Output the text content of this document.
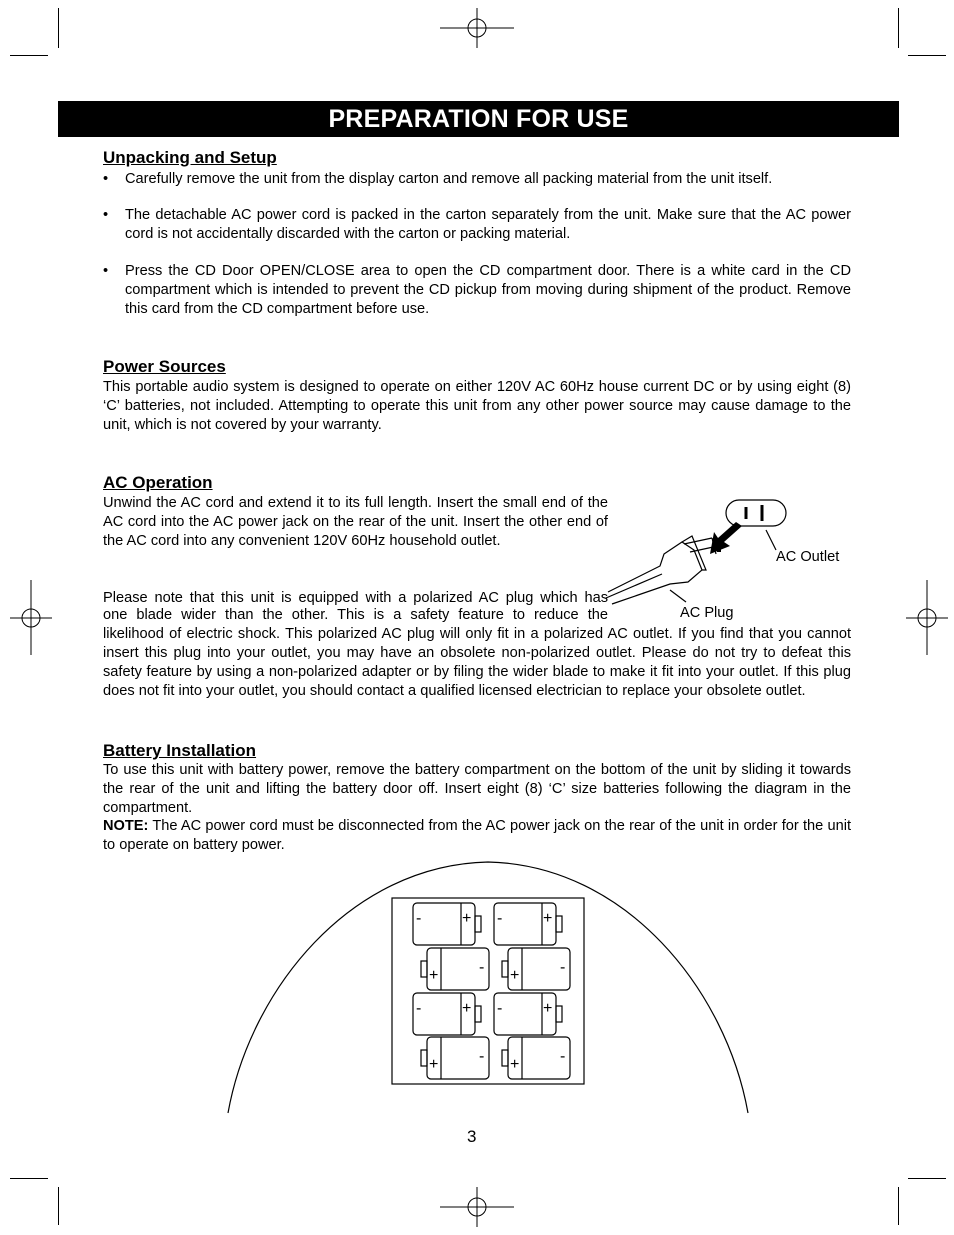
PREPARATION FOR USE
Unpacking and Setup
• Carefully remove the unit from the display carton and remove all packing material from the unit itself.
• The detachable AC power cord is packed in the carton separately from the unit. Make sure that the AC power cord is not accidentally discarded with the carton or packing material.
• Press the CD Door OPEN/CLOSE area to open the CD compartment door. There is a white card in the CD compartment which is intended to prevent the CD pickup from moving during shipment of the product. Remove this card from the CD compartment before use.
Power Sources
This portable audio system is designed to operate on either 120V AC 60Hz house current DC or by using eight (8) ‘C’ batteries, not included. Attempting to operate this unit from any other power source may cause damage to the unit, which is not covered by your warranty.
AC Operation
Unwind the AC cord and extend it to its full length. Insert the small end of the AC cord into the AC power jack on the rear of the unit. Insert the other end of the AC cord into any convenient 120V 60Hz household outlet.
Please note that this unit is equipped with a polarized AC plug which has
one blade wider than the other. This is a safety feature to reduce the
likelihood of electric shock. This polarized AC plug will only fit in a polarized AC outlet. If you find that you cannot insert this plug into your outlet, you may have an obsolete non-polarized outlet. Please do not try to defeat this safety feature by using a non-polarized adapter or by filing the wider blade to make it fit into your outlet. If this plug does not fit into your outlet, you should contact a qualified licensed electrician to replace your obsolete outlet.
AC Outlet
AC Plug
Battery Installation
To use this unit with battery power, remove the battery compartment on the bottom of the unit by sliding it towards the rear of the unit and lifting the battery door off. Insert eight (8) ‘C’ size batteries following the diagram in the compartment.
NOTE: The AC power cord must be disconnected from the AC power jack on the rear of the unit in order for the unit to operate on battery power.
+
-	+
-
+	- +	-
+
-	+
-
+	- +	-
3
